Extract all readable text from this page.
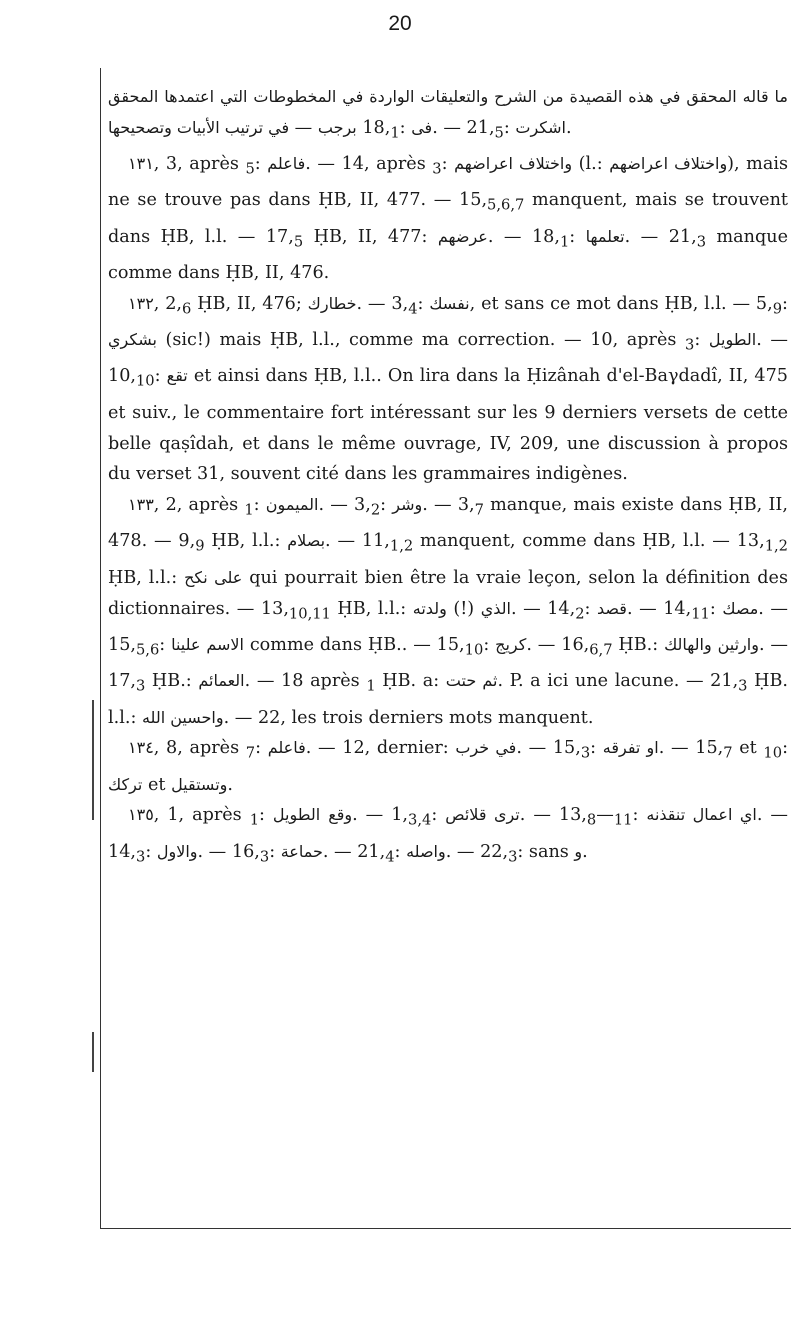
20

ما قاله المحقق في هذه القصيدة من الشرح والتعليقات الواردة في المخطوطات التي اعتمدها المحقق في ترتيب الأبيات وتصحيحها — برجب $18,_1$: فی. — $21,_5$: اشكرت.

١٣١, 3, après $_5$: فاعلم. — 14, après $_3$: واختلاف اعراضهم (l.: واختلاف اعراضهم), mais ne se trouve pas dans ḤB, II, 477. — $15,_{5,6,7}$ manquent, mais se trouvent dans ḤB, l.l. — $17,_5$ ḤB, II, 477: عرضهم. — $18,_1$: تعلمها. — $21,_3$ manque comme dans ḤB, II, 476.

١٣٢, $2,_6$ ḤB, II, 476; خطارك. — $3,_4$: نفسك, et sans ce mot dans ḤB, l.l. — $5,_9$: بشكري (sic!) mais ḤB, l.l., comme ma correction. — 10, après $_3$: الطويل. — $10,_{10}$: تقع et ainsi dans ḤB, l.l.. On lira dans la Ḥizânah d'el-Baγdadî, II, 475 et suiv., le commentaire fort intéressant sur les 9 derniers versets de cette belle qaṣîdah, et dans le même ouvrage, IV, 209, une discussion à propos du verset 31, souvent cité dans les grammaires indigènes.

١٣٣, 2, après $_1$: الميمون. — $3,_2$: وشر. — $3,_7$ manque, mais existe dans ḤB, II, 478. — $9,_9$ ḤB, l.l.: بصلام. — $11,_{1,2}$ manquent, comme dans ḤB, l.l. — $13,_{1,2}$ ḤB, l.l.: على نكح qui pourrait bien être la vraie leçon, selon la définition des dictionnaires. — $13,_{10,11}$ ḤB, l.l.: ولدته (!) الذي. — $14,_2$: قصد. — $14,_{11}$: مصك. — $15,_{5,6}$: علينا الاسم comme dans ḤB.. — $15,_{10}$: كريج. — $16,_{6,7}$ ḤB.: والهالك وارثين. — $17,_3$ ḤB.: العمائم. — 18 après $_1$ ḤB. a: ثم حتت. P. a ici une lacune. — $21,_3$ ḤB. l.l.: واحسين الله. — 22, les trois derniers mots manquent.

١٣٤, 8, après $_7$: فاعلم. — 12, dernier: في خرب. — $15,_3$: او تفرقه. — $15,_7$ et $_{10}$: تركك et وتستقيل.

١٣٥, 1, après $_1$: الطويل وقع. — $1,_{3,4}$: ترى قلائص. — $13,_8—_{11}$: اي اعمال تنقذنه. — $14,_3$: والاول. — $16,_3$: حماعة. — $21,_4$: واصله. — $22,_3$: sans و.
